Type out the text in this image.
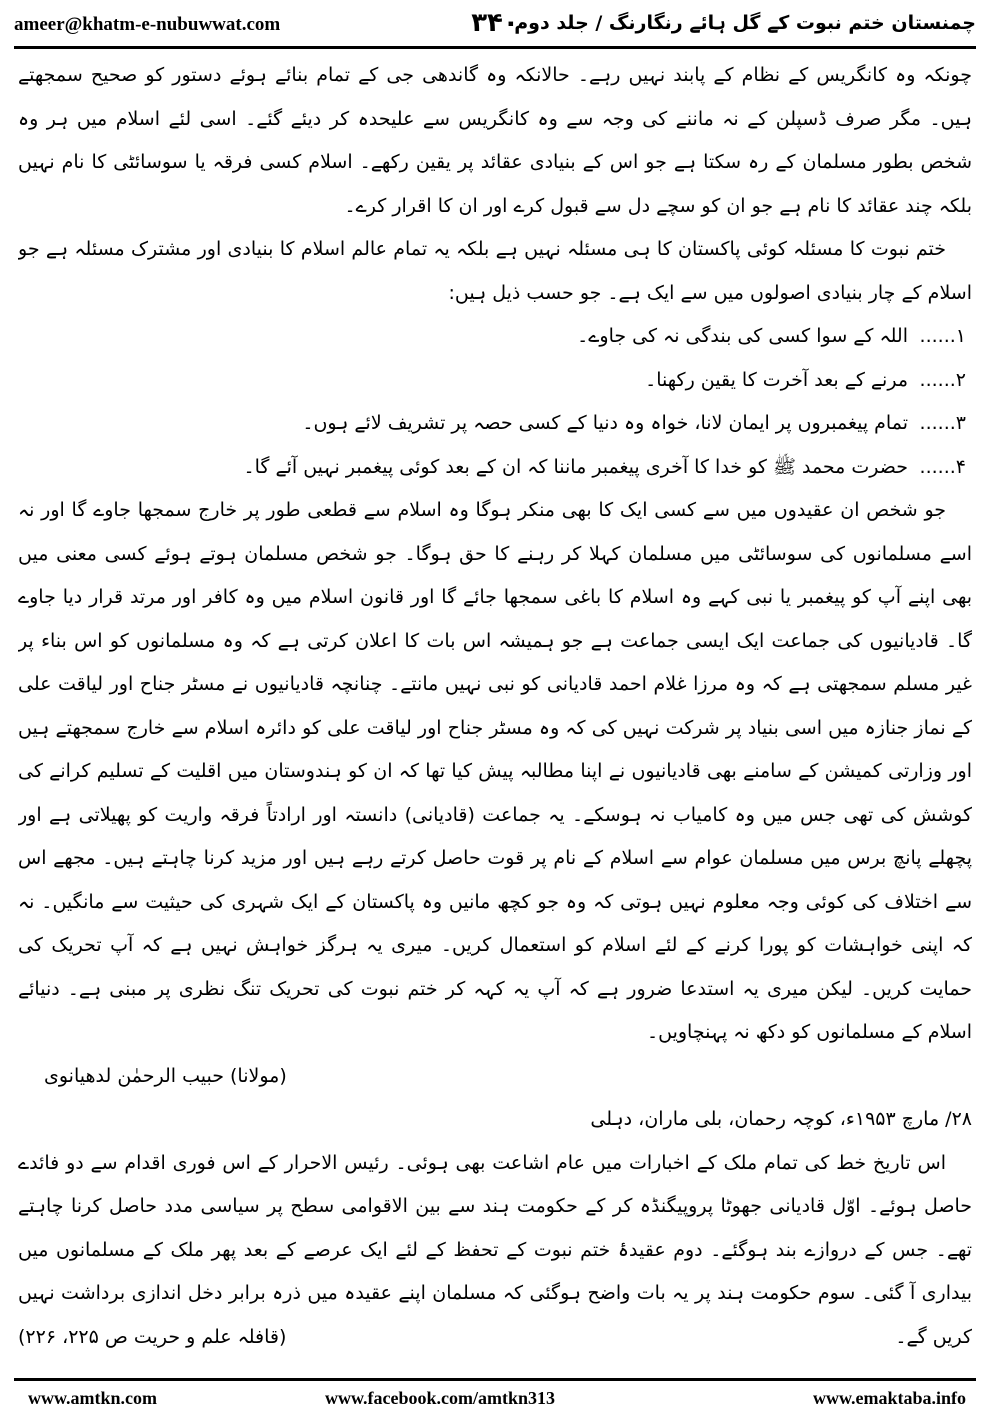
ameer@khatm-e-nubuwwat.com	۳۴۰
چمنستان ختم نبوت کے گل ہائے رنگارنگ / جلد دوم

چونکہ وہ کانگریس کے نظام کے پابند نہیں رہے۔ حالانکہ وہ گاندھی جی کے تمام بنائے ہوئے دستور کو صحیح سمجھتے ہیں۔ مگر صرف ڈسپلن کے نہ ماننے کی وجہ سے وہ کانگریس سے علیحدہ کر دیئے گئے۔ اسی لئے اسلام میں ہر وہ شخص بطور مسلمان کے رہ سکتا ہے جو اس کے بنیادی عقائد پر یقین رکھے۔ اسلام کسی فرقہ یا سوسائٹی کا نام نہیں بلکہ چند عقائد کا نام ہے جو ان کو سچے دل سے قبول کرے اور ان کا اقرار کرے۔

ختم نبوت کا مسئلہ کوئی پاکستان کا ہی مسئلہ نہیں ہے بلکہ یہ تمام عالم اسلام کا بنیادی اور مشترک مسئلہ ہے جو اسلام کے چار بنیادی اصولوں میں سے ایک ہے۔ جو حسب ذیل ہیں:

۱......
اللہ کے سوا کسی کی بندگی نہ کی جاوے۔
۲......
مرنے کے بعد آخرت کا یقین رکھنا۔
۳......
تمام پیغمبروں پر ایمان لانا، خواہ وہ دنیا کے کسی حصہ پر تشریف لائے ہوں۔
۴......
حضرت محمد ﷺ کو خدا کا آخری پیغمبر ماننا کہ ان کے بعد کوئی پیغمبر نہیں آئے گا۔

جو شخص ان عقیدوں میں سے کسی ایک کا بھی منکر ہوگا وہ اسلام سے قطعی طور پر خارج سمجھا جاوے گا اور نہ اسے مسلمانوں کی سوسائٹی میں مسلمان کہلا کر رہنے کا حق ہوگا۔ جو شخص مسلمان ہوتے ہوئے کسی معنی میں بھی اپنے آپ کو پیغمبر یا نبی کہے وہ اسلام کا باغی سمجھا جائے گا اور قانون اسلام میں وہ کافر اور مرتد قرار دیا جاوے گا۔ قادیانیوں کی جماعت ایک ایسی جماعت ہے جو ہمیشہ اس بات کا اعلان کرتی ہے کہ وہ مسلمانوں کو اس بناء پر غیر مسلم سمجھتی ہے کہ وہ مرزا غلام احمد قادیانی کو نبی نہیں مانتے۔ چنانچہ قادیانیوں نے مسٹر جناح اور لیاقت علی کے نماز جنازہ میں اسی بنیاد پر شرکت نہیں کی کہ وہ مسٹر جناح اور لیاقت علی کو دائرہ اسلام سے خارج سمجھتے ہیں اور وزارتی کمیشن کے سامنے بھی قادیانیوں نے اپنا مطالبہ پیش کیا تھا کہ ان کو ہندوستان میں اقلیت کے تسلیم کرانے کی کوشش کی تھی جس میں وہ کامیاب نہ ہوسکے۔ یہ جماعت (قادیانی) دانستہ اور ارادتاً فرقہ واریت کو پھیلاتی ہے اور پچھلے پانچ برس میں مسلمان عوام سے اسلام کے نام پر قوت حاصل کرتے رہے ہیں اور مزید کرنا چاہتے ہیں۔ مجھے اس سے اختلاف کی کوئی وجہ معلوم نہیں ہوتی کہ وہ جو کچھ مانیں وہ پاکستان کے ایک شہری کی حیثیت سے مانگیں۔ نہ کہ اپنی خواہشات کو پورا کرنے کے لئے اسلام کو استعمال کریں۔ میری یہ ہرگز خواہش نہیں ہے کہ آپ تحریک کی حمایت کریں۔ لیکن میری یہ استدعا ضرور ہے کہ آپ یہ کہہ کر ختم نبوت کی تحریک تنگ نظری پر مبنی ہے۔ دنیائے اسلام کے مسلمانوں کو دکھ نہ پہنچاویں۔

(مولانا) حبیب الرحمٰن لدھیانوی
۲۸/ مارچ ۱۹۵۳ء، کوچہ رحمان، بلی ماران، دہلی

اس تاریخ خط کی تمام ملک کے اخبارات میں عام اشاعت بھی ہوئی۔ رئیس الاحرار کے اس فوری اقدام سے دو فائدے حاصل ہوئے۔ اوّل قادیانی جھوٹا پروپیگنڈہ کر کے حکومت ہند سے بین الاقوامی سطح پر سیاسی مدد حاصل کرنا چاہتے تھے۔ جس کے دروازے بند ہوگئے۔ دوم عقیدۂ ختم نبوت کے تحفظ کے لئے ایک عرصے کے بعد پھر ملک کے مسلمانوں میں بیداری آ گئی۔ سوم حکومت ہند پر یہ بات واضح ہوگئی کہ مسلمان اپنے عقیدہ میں ذرہ برابر دخل اندازی برداشت نہیں کریں گے۔
(قافلہ علم و حریت ص ۲۲۵، ۲۲۶)

www.amtkn.com	www.facebook.com/amtkn313	www.emaktaba.info
